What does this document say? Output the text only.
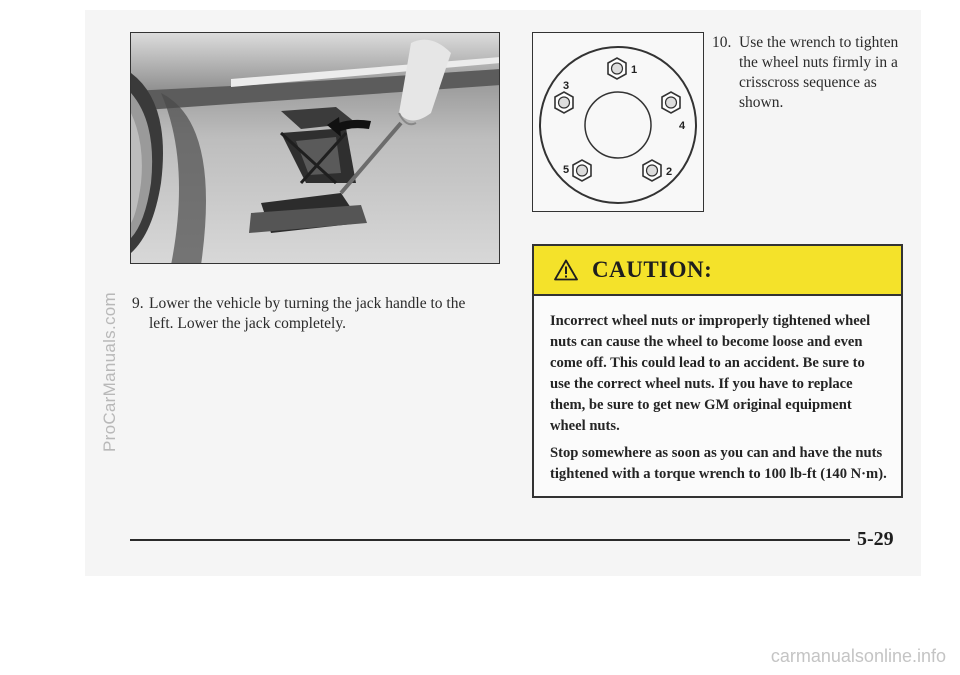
ProCarManuals.com
1
2
3
4
5
10. Use the wrench to tighten the wheel nuts firmly in a crisscross sequence as shown.
9. Lower the vehicle by turning the jack handle to the left. Lower the jack completely.
CAUTION:

Incorrect wheel nuts or improperly tightened wheel nuts can cause the wheel to become loose and even come off. This could lead to an accident. Be sure to use the correct wheel nuts. If you have to replace them, be sure to get new GM original equipment wheel nuts.

Stop somewhere as soon as you can and have the nuts tightened with a torque wrench to 100 lb-ft (140 N·m).

5-29
carmanualsonline.info
